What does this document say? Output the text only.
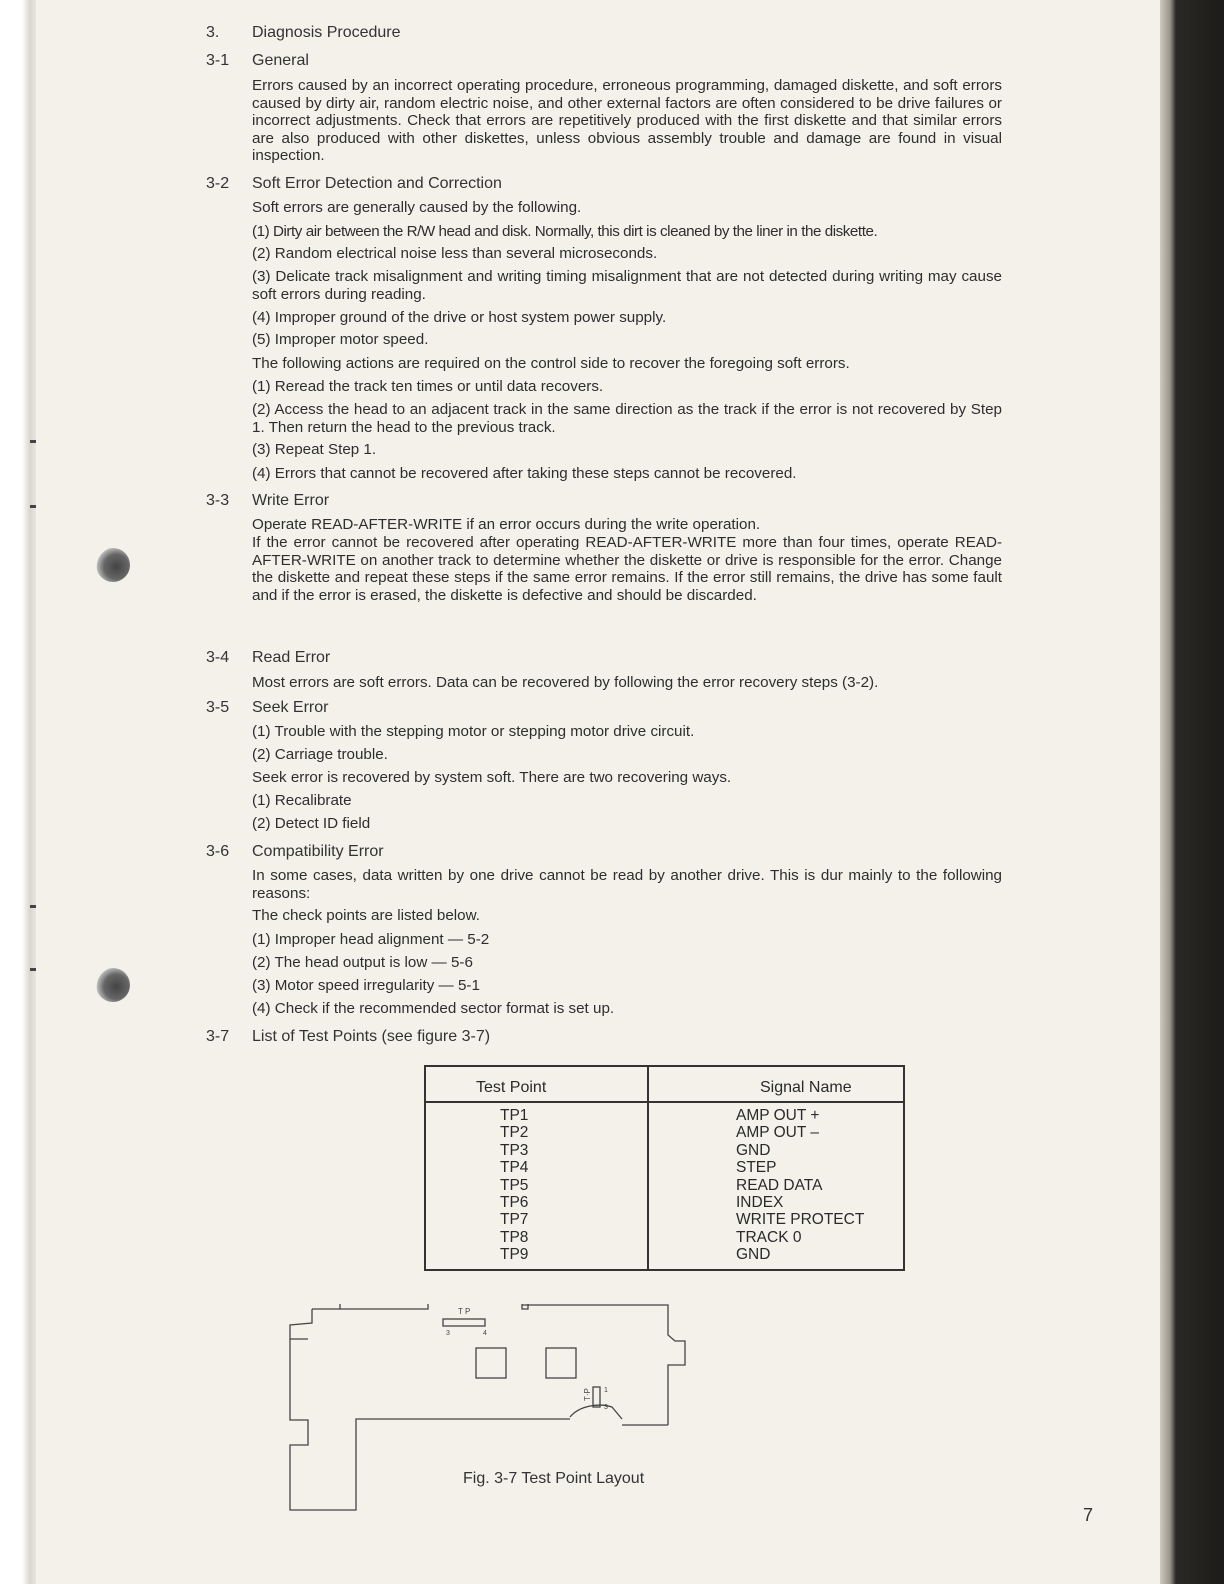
3. Diagnosis Procedure
3-1 General
Errors caused by an incorrect operating procedure, erroneous programming, damaged diskette, and soft errors caused by dirty air, random electric noise, and other external factors are often considered to be drive failures or incorrect adjustments. Check that errors are repetitively produced with the first diskette and that similar errors are also produced with other diskettes, unless obvious assembly trouble and damage are found in visual inspection.
3-2 Soft Error Detection and Correction
Soft errors are generally caused by the following.
(1) Dirty air between the R/W head and disk. Normally, this dirt is cleaned by the liner in the diskette.
(2) Random electrical noise less than several microseconds.
(3) Delicate track misalignment and writing timing misalignment that are not detected during writing may cause soft errors during reading.
(4) Improper ground of the drive or host system power supply.
(5) Improper motor speed.
The following actions are required on the control side to recover the foregoing soft errors.
(1) Reread the track ten times or until data recovers.
(2) Access the head to an adjacent track in the same direction as the track if the error is not recovered by Step 1. Then return the head to the previous track.
(3) Repeat Step 1.
(4) Errors that cannot be recovered after taking these steps cannot be recovered.
3-3 Write Error
Operate READ-AFTER-WRITE if an error occurs during the write operation.
If the error cannot be recovered after operating READ-AFTER-WRITE more than four times, operate READ-AFTER-WRITE on another track to determine whether the diskette or drive is responsible for the error. Change the diskette and repeat these steps if the same error remains. If the error still remains, the drive has some fault and if the error is erased, the diskette is defective and should be discarded.
3-4 Read Error
Most errors are soft errors. Data can be recovered by following the error recovery steps (3-2).
3-5 Seek Error
(1) Trouble with the stepping motor or stepping motor drive circuit.
(2) Carriage trouble.
Seek error is recovered by system soft. There are two recovering ways.
(1) Recalibrate
(2) Detect ID field
3-6 Compatibility Error
In some cases, data written by one drive cannot be read by another drive. This is dur mainly to the following reasons:
The check points are listed below.
(1) Improper head alignment — 5-2
(2) The head output is low — 5-6
(3) Motor speed irregularity — 5-1
(4) Check if the recommended sector format is set up.
3-7 List of Test Points (see figure 3-7)
Test Point	Signal Name
TP1
TP2
TP3
TP4
TP5
TP6
TP7
TP8
TP9
AMP OUT +
AMP OUT –
GND
STEP
READ DATA
INDEX
WRITE PROTECT
TRACK 0
GND
T P
3	4
T·P 1
3
Fig. 3-7 Test Point Layout
7
